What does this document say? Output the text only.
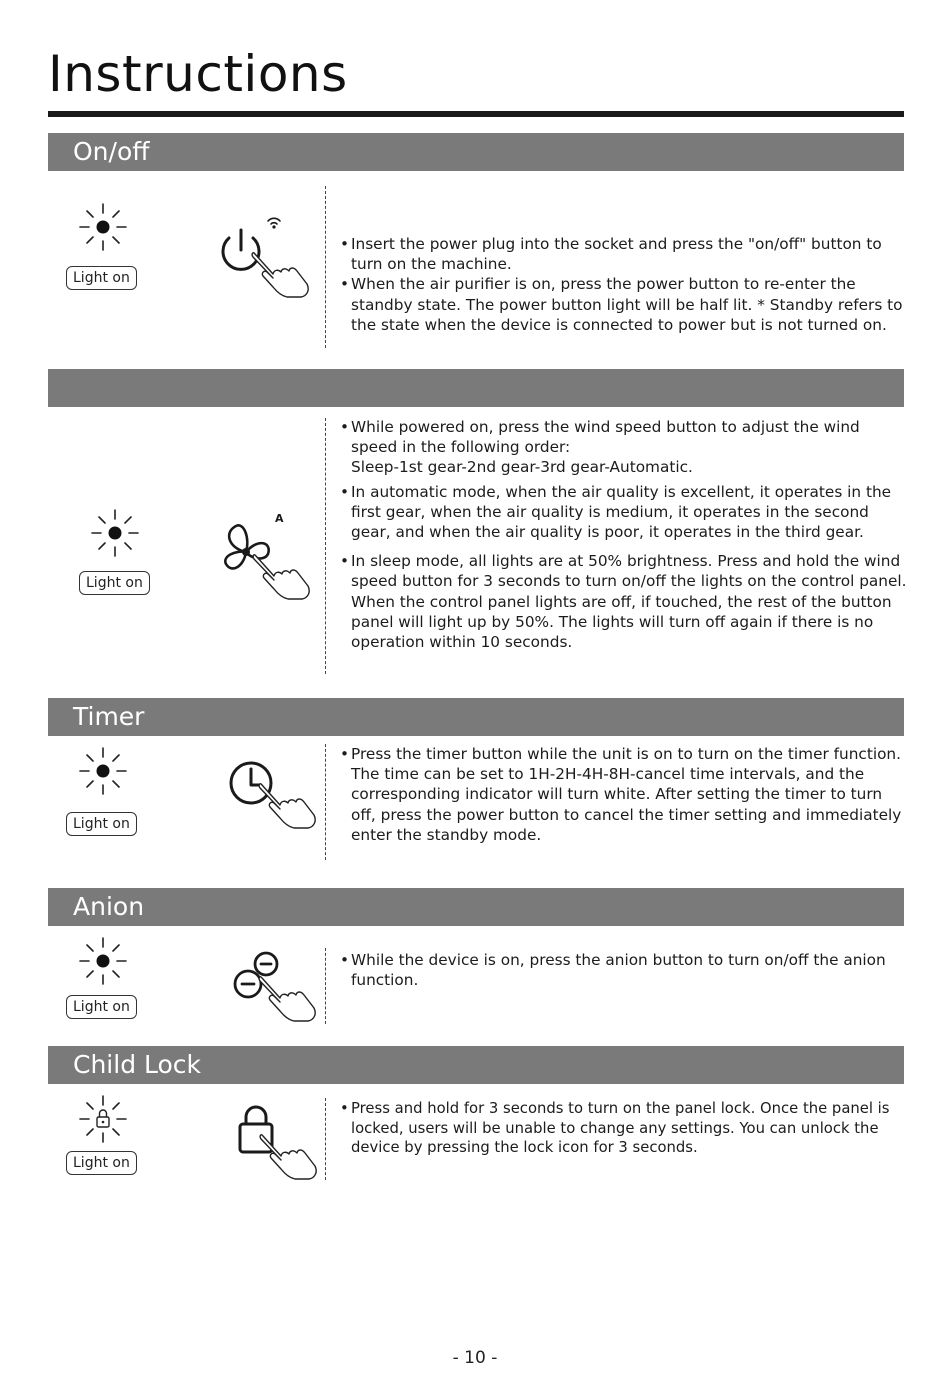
Instructions
On/off
Light on

• Insert the power plug into the socket and press the "on/off" button to turn on the machine.

• When the air purifier is on, press the power button to re-enter the standby state. The power button light will be half lit. * Standby refers to the state when the device is connected to power but is not turned on.

Light on
A

• While powered on, press the wind speed button to adjust the wind speed in the following order:

Sleep-1st gear-2nd gear-3rd gear-Automatic.

• In automatic mode, when the air quality is excellent, it operates in the first gear, when the air quality is medium, it operates in the second gear, and when the air quality is poor, it operates in the third gear.

• In sleep mode, all lights are at 50% brightness. Press and hold the wind speed button for 3 seconds to turn on/off the lights on the control panel. When the control panel lights are off, if touched, the rest of the button panel will light up by 50%. The lights will turn off again if there is no operation within 10 seconds.

Timer
Light on

• Press the timer button while the unit is on to turn on the timer function.

The time can be set to 1H-2H-4H-8H-cancel time intervals, and the corresponding indicator will turn white. After setting the timer to turn off, press the power button to cancel the timer setting and immediately enter the standby mode.

Anion
Light on

• While the device is on, press the anion button to turn on/off the anion function.

Child Lock
Light on

• Press and hold for 3 seconds to turn on the panel lock. Once the panel is locked, users will be unable to change any settings. You can unlock the device by pressing the lock icon for 3 seconds.

- 10 -
